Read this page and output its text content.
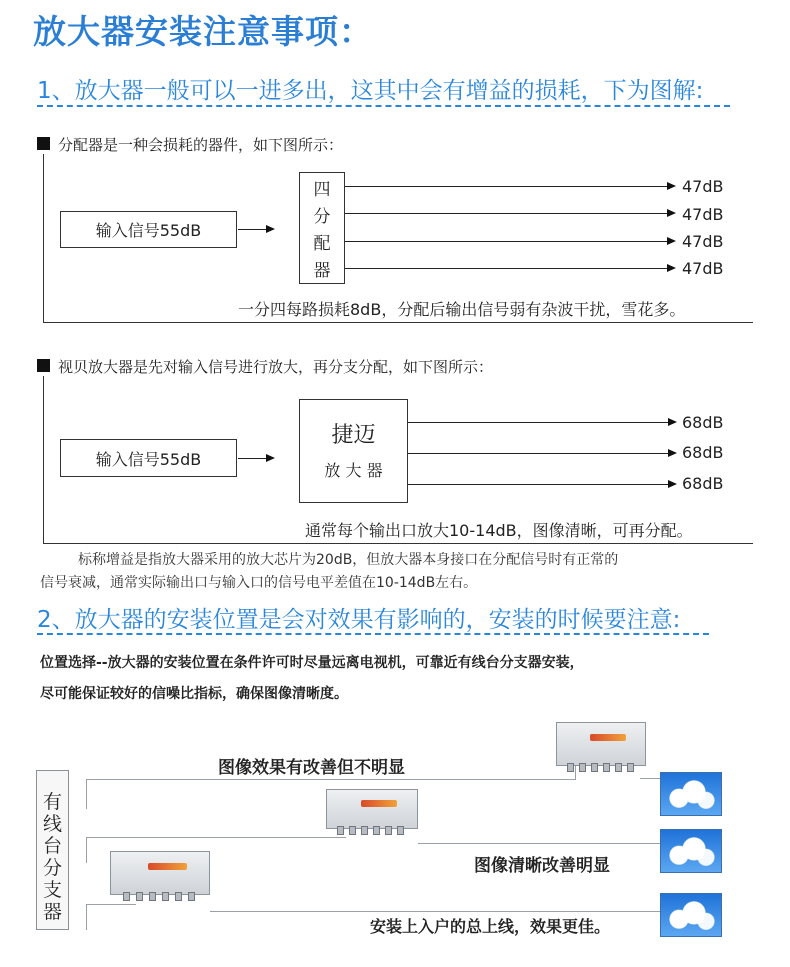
放大器安装注意事项：
1、放大器一般可以一进多出，这其中会有增益的损耗，下为图解:
分配器是一种会损耗的器件，如下图所示：
输入信号55dB
四
分
配
器
47dB
47dB
47dB
47dB
一分四每路损耗8dB，分配后输出信号弱有杂波干扰，雪花多。
视贝放大器是先对输入信号进行放大，再分支分配，如下图所示：
输入信号55dB
捷迈
放 大 器
68dB
68dB
68dB
通常每个输出口放大10-14dB，图像清晰，可再分配。
标称增益是指放大器采用的放大芯片为20dB，但放大器本身接口在分配信号时有正常的
信号衰减，通常实际输出口与输入口的信号电平差值在10-14dB左右。
2、放大器的安装位置是会对效果有影响的，安装的时候要注意:
位置选择--放大器的安装位置在条件许可时尽量远离电视机，可靠近有线台分支器安装，
尽可能保证较好的信噪比指标，确保图像清晰度。
有
线
台
分
支
器
图像效果有改善但不明显
图像清晰改善明显
安装上入户的总上线，效果更佳。
